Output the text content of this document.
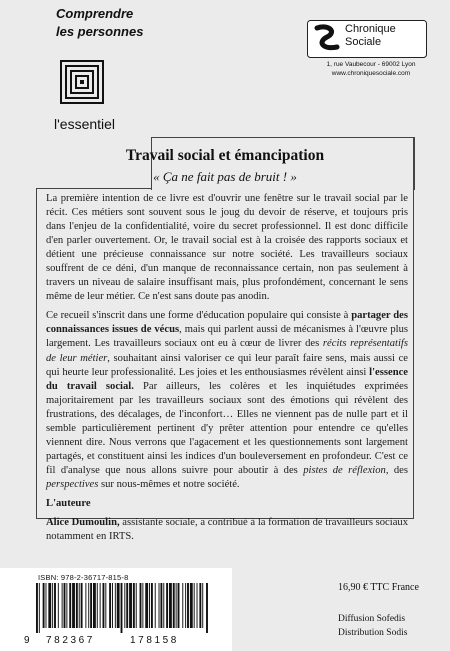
Comprendre

les personnes
l'essentiel
Chronique
Sociale
1, rue Vaubecour - 69002 Lyon
www.chroniquesociale.com
Travail social et émancipation
« Ça ne fait pas de bruit ! »

La première intention de ce livre est d'ouvrir une fenêtre sur le travail social par le récit. Ces métiers sont souvent sous le joug du devoir de réserve, et toujours pris dans l'enjeu de la confidentialité, voire du secret professionnel. Il est donc difficile d'en parler ouvertement. Or, le travail social est à la croisée des rapports sociaux et détient une précieuse connaissance sur notre société. Les travailleurs sociaux souffrent de ce déni, d'un manque de reconnaissance certain, non pas seulement à travers un niveau de salaire insuffisant mais, plus profondément, concernant le sens même de leur métier. Ce n'est sans doute pas anodin.

Ce recueil s'inscrit dans une forme d'éducation populaire qui consiste à partager des connaissances issues de vécus, mais qui parlent aussi de mécanismes à l'œuvre plus largement. Les travailleurs sociaux ont eu à cœur de livrer des récits représentatifs de leur métier, souhaitant ainsi valoriser ce qui leur paraît faire sens, mais aussi ce qui heurte leur professionalité. Les joies et les enthousiasmes révèlent ainsi l'essence du travail social. Par ailleurs, les colères et les inquiétudes exprimées majoritairement par les travailleurs sociaux sont des émotions qui révèlent des frustrations, des décalages, de l'inconfort… Elles ne viennent pas de nulle part et il semble particulièrement pertinent d'y prêter attention pour entendre ce qu'elles viennent dire. Nous verrons que l'agacement et les questionnements sont largement partagés, et constituent ainsi les indices d'un bouleversement en profondeur. C'est ce fil d'analyse que nous allons suivre pour aboutir à des pistes de réflexion, des perspectives sur nous-mêmes et notre société.

L'auteure

Alice Dumoulin, assistante sociale, a contribué à la formation de travailleurs sociaux notamment en IRTS.

ISBN: 978-2-36717-815-8
9 782367	178158
16,90 € TTC France
Diffusion Sofedis
Distribution Sodis
